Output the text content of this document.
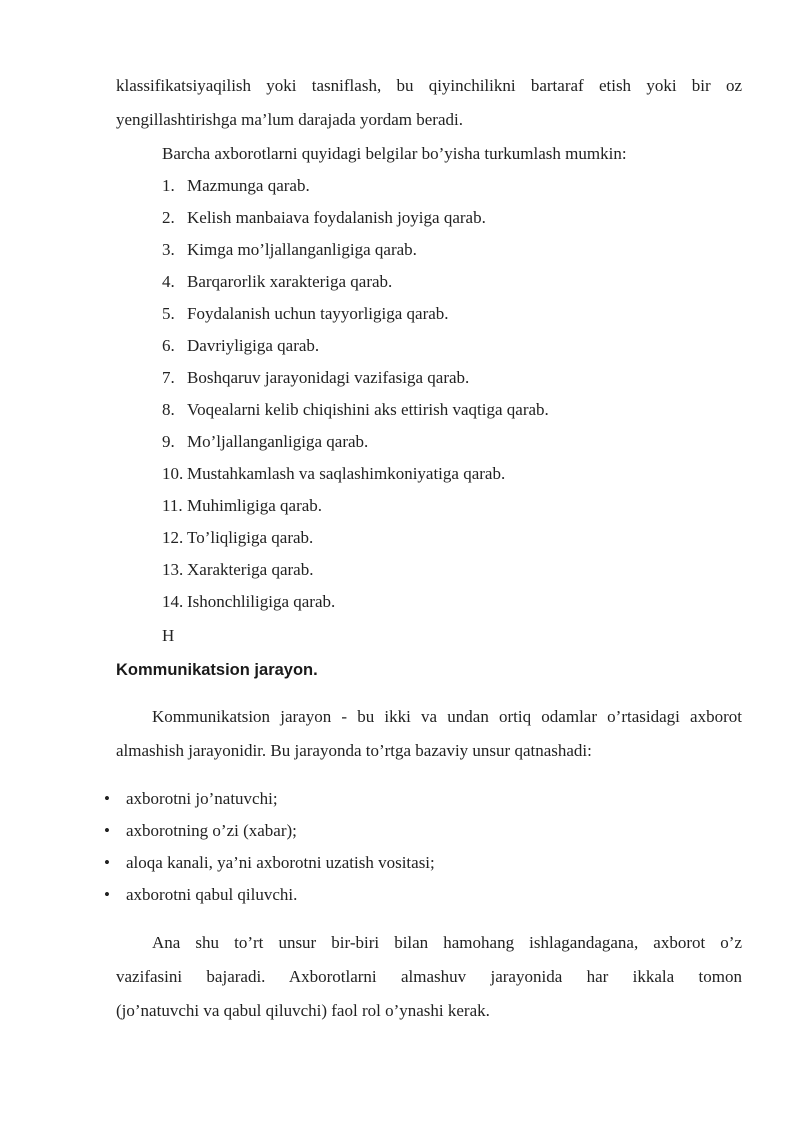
klassifikatsiyaqilish yoki tasniflash, bu qiyinchilikni bartaraf etish yoki bir oz
yengillashtirishga ma’lum darajada yordam beradi.
Barcha axborotlarni quyidagi belgilar bo’yisha turkumlash mumkin:
1. Mazmunga qarab.
2. Kelish manbaiava foydalanish joyiga qarab.
3. Kimga mo’ljallanganligiga qarab.
4. Barqarorlik xarakteriga qarab.
5. Foydalanish uchun tayyorligiga qarab.
6. Davriyligiga qarab.
7. Boshqaruv jarayonidagi vazifasiga qarab.
8. Voqealarni kelib chiqishini aks ettirish vaqtiga qarab.
9. Mo’ljallanganligiga qarab.
10. Mustahkamlash va saqlashimkoniyatiga qarab.
11. Muhimligiga qarab.
12. To’liqligiga qarab.
13. Xarakteriga qarab.
14. Ishonchliligiga qarab.
H
Kommunikatsion jarayon.
Kommunikatsion jarayon - bu ikki va undan ortiq odamlar o’rtasidagi axborot
almashish jarayonidir. Bu jarayonda to’rtga bazaviy unsur qatnashadi:
• axborotni jo’natuvchi;
• axborotning o’zi (xabar);
• aloqa kanali, ya’ni axborotni uzatish vositasi;
• axborotni qabul qiluvchi.
Ana shu to’rt unsur bir-biri bilan hamohang ishlagandagana, axborot o’z
vazifasini bajaradi. Axborotlarni almashuv jarayonida har ikkala tomon
(jo’natuvchi va qabul qiluvchi) faol rol o’ynashi kerak.
